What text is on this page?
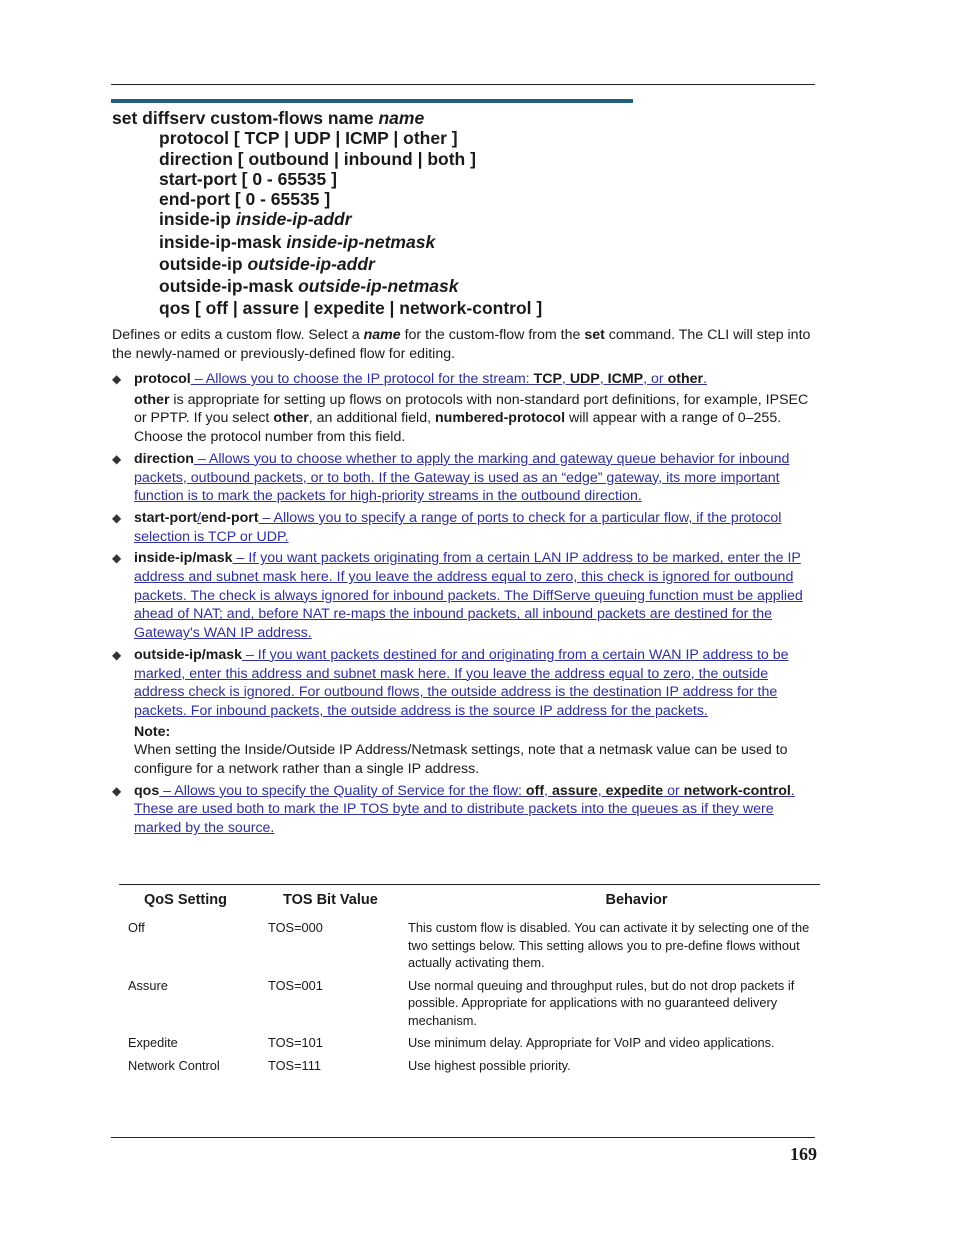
set diffserv custom-flows name name
protocol [ TCP | UDP | ICMP | other ]
direction [ outbound | inbound | both ]
start-port [ 0 - 65535 ]
end-port [ 0 - 65535 ]
inside-ip inside-ip-addr
inside-ip-mask inside-ip-netmask
outside-ip outside-ip-addr
outside-ip-mask outside-ip-netmask
qos [ off | assure | expedite | network-control ]
Defines or edits a custom flow. Select a name for the custom-flow from the set command. The CLI will step into the newly-named or previously-defined flow for editing.
◆ protocol – Allows you to choose the IP protocol for the stream: TCP, UDP, ICMP, or other.
other is appropriate for setting up flows on protocols with non-standard port definitions, for example, IPSEC or PPTP. If you select other, an additional field, numbered-protocol will appear with a range of 0–255. Choose the protocol number from this field.
◆ direction – Allows you to choose whether to apply the marking and gateway queue behavior for inbound packets, outbound packets, or to both. If the Gateway is used as an “edge” gateway, its more important function is to mark the packets for high-priority streams in the outbound direction.
◆ start-port/end-port – Allows you to specify a range of ports to check for a particular flow, if the protocol selection is TCP or UDP.
◆ inside-ip/mask – If you want packets originating from a certain LAN IP address to be marked, enter the IP address and subnet mask here. If you leave the address equal to zero, this check is ignored for outbound packets. The check is always ignored for inbound packets. The DiffServe queuing function must be applied ahead of NAT; and, before NAT re-maps the inbound packets, all inbound packets are destined for the Gateway's WAN IP address.
◆ outside-ip/mask – If you want packets destined for and originating from a certain WAN IP address to be marked, enter this address and subnet mask here. If you leave the address equal to zero, the outside address check is ignored. For outbound flows, the outside address is the destination IP address for the packets. For inbound packets, the outside address is the source IP address for the packets.
Note:
When setting the Inside/Outside IP Address/Netmask settings, note that a netmask value can be used to configure for a network rather than a single IP address.
◆ qos – Allows you to specify the Quality of Service for the flow: off, assure, expedite or network-control. These are used both to mark the IP TOS byte and to distribute packets into the queues as if they were marked by the source.
QoS Setting	TOS Bit Value	Behavior
Off	TOS=000	This custom flow is disabled. You can activate it by selecting one of the two settings below. This setting allows you to pre-define flows without actually activating them.
Assure	TOS=001	Use normal queuing and throughput rules, but do not drop packets if possible. Appropriate for applications with no guaranteed delivery mechanism.
Expedite	TOS=101	Use minimum delay. Appropriate for VoIP and video applications.
Network Control	TOS=111	Use highest possible priority.
169
